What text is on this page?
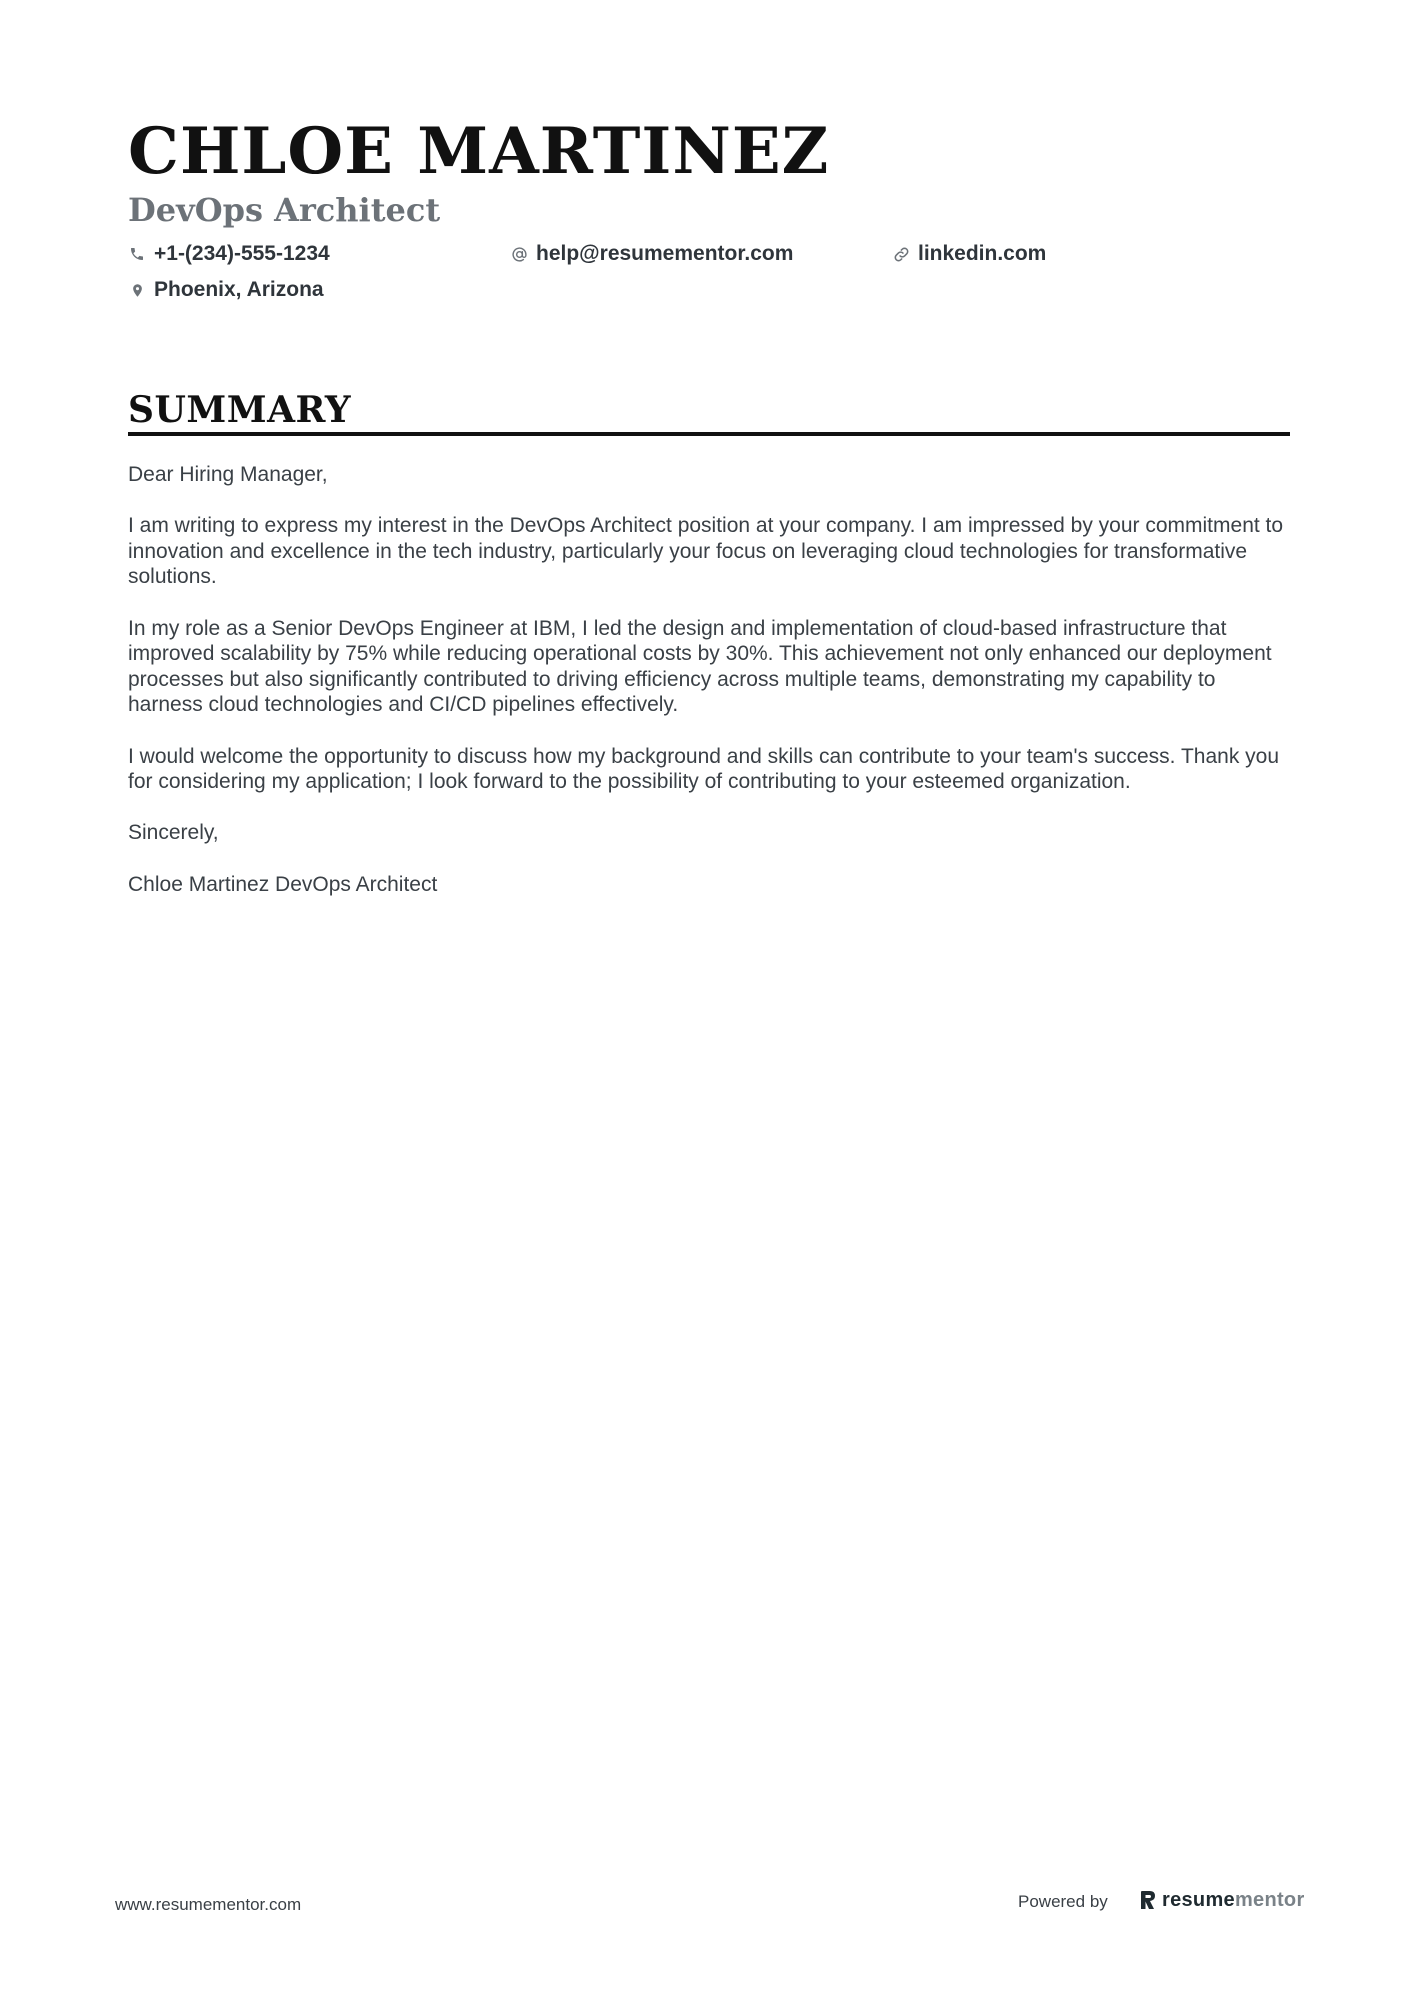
CHLOE MARTINEZ
DevOps Architect
+1-(234)-555-1234	help@resumementor.com	linkedin.com
Phoenix, Arizona
SUMMARY

Dear Hiring Manager,

I am writing to express my interest in the DevOps Architect position at your company. I am impressed by your commitment to innovation and excellence in the tech industry, particularly your focus on leveraging cloud technologies for transformative solutions.

In my role as a Senior DevOps Engineer at IBM, I led the design and implementation of cloud-based infrastructure that improved scalability by 75% while reducing operational costs by 30%. This achievement not only enhanced our deployment processes but also significantly contributed to driving efficiency across multiple teams, demonstrating my capability to harness cloud technologies and CI/CD pipelines effectively.

I would welcome the opportunity to discuss how my background and skills can contribute to your team's success. Thank you for considering my application; I look forward to the possibility of contributing to your esteemed organization.

Sincerely,

Chloe Martinez DevOps Architect

www.resumementor.com	Powered by	resume mentor
